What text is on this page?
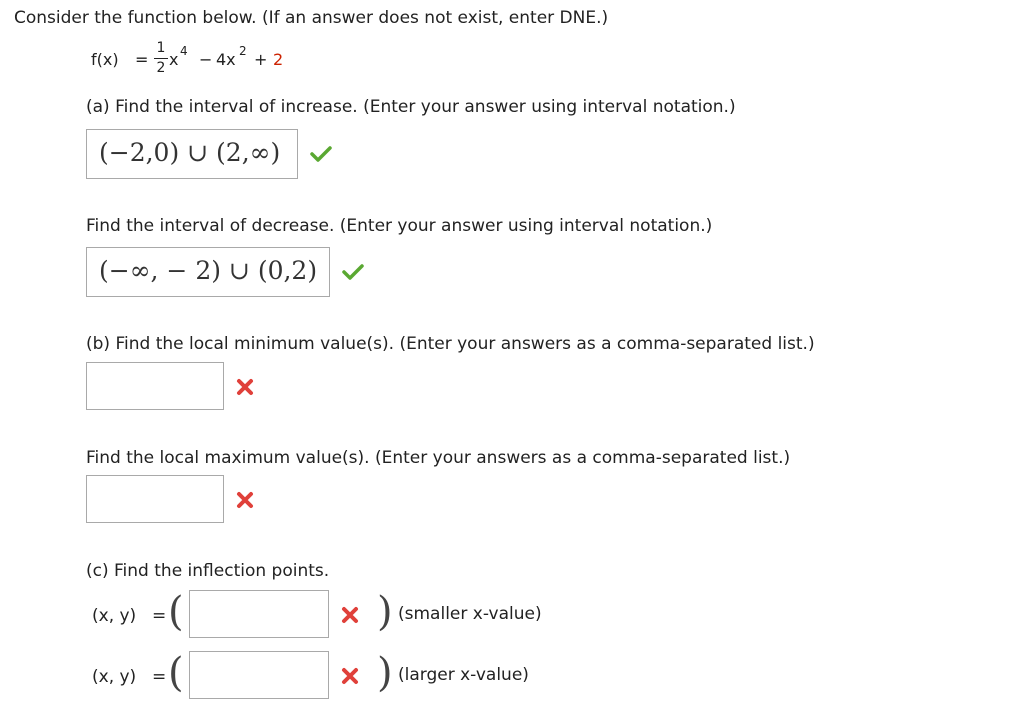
Consider the function below. (If an answer does not exist, enter DNE.)
f(x) =
1
2 x 4 − 4x 2 + 2
(a) Find the interval of increase. (Enter your answer using interval notation.)
(−2,0) ∪ (2,∞)
Find the interval of decrease. (Enter your answer using interval notation.)
(−∞, − 2) ∪ (0,2)
(b) Find the local minimum value(s). (Enter your answers as a comma-separated list.)
Find the local maximum value(s). (Enter your answers as a comma-separated list.)
(c) Find the inflection points.
(x, y) = (	) (smaller x-value)
(x, y) = (	) (larger x-value)
